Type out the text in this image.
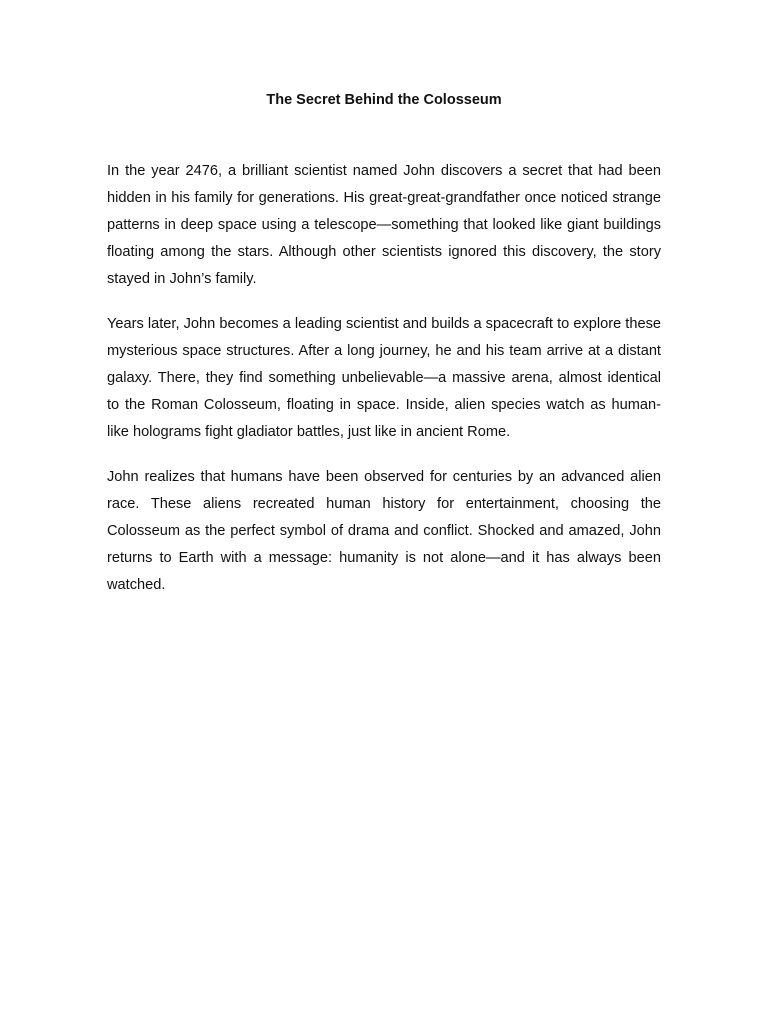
The Secret Behind the Colosseum

In the year 2476, a brilliant scientist named John discovers a secret that had been hidden in his family for generations. His great-great-grandfather once noticed strange patterns in deep space using a telescope—something that looked like giant buildings floating among the stars. Although other scientists ignored this discovery, the story stayed in John’s family.

Years later, John becomes a leading scientist and builds a spacecraft to explore these mysterious space structures. After a long journey, he and his team arrive at a distant galaxy. There, they find something unbelievable—a massive arena, almost identical to the Roman Colosseum, floating in space. Inside, alien species watch as human-like holograms fight gladiator battles, just like in ancient Rome.

John realizes that humans have been observed for centuries by an advanced alien race. These aliens recreated human history for entertainment, choosing the Colosseum as the perfect symbol of drama and conflict. Shocked and amazed, John returns to Earth with a message: humanity is not alone—and it has always been watched.
